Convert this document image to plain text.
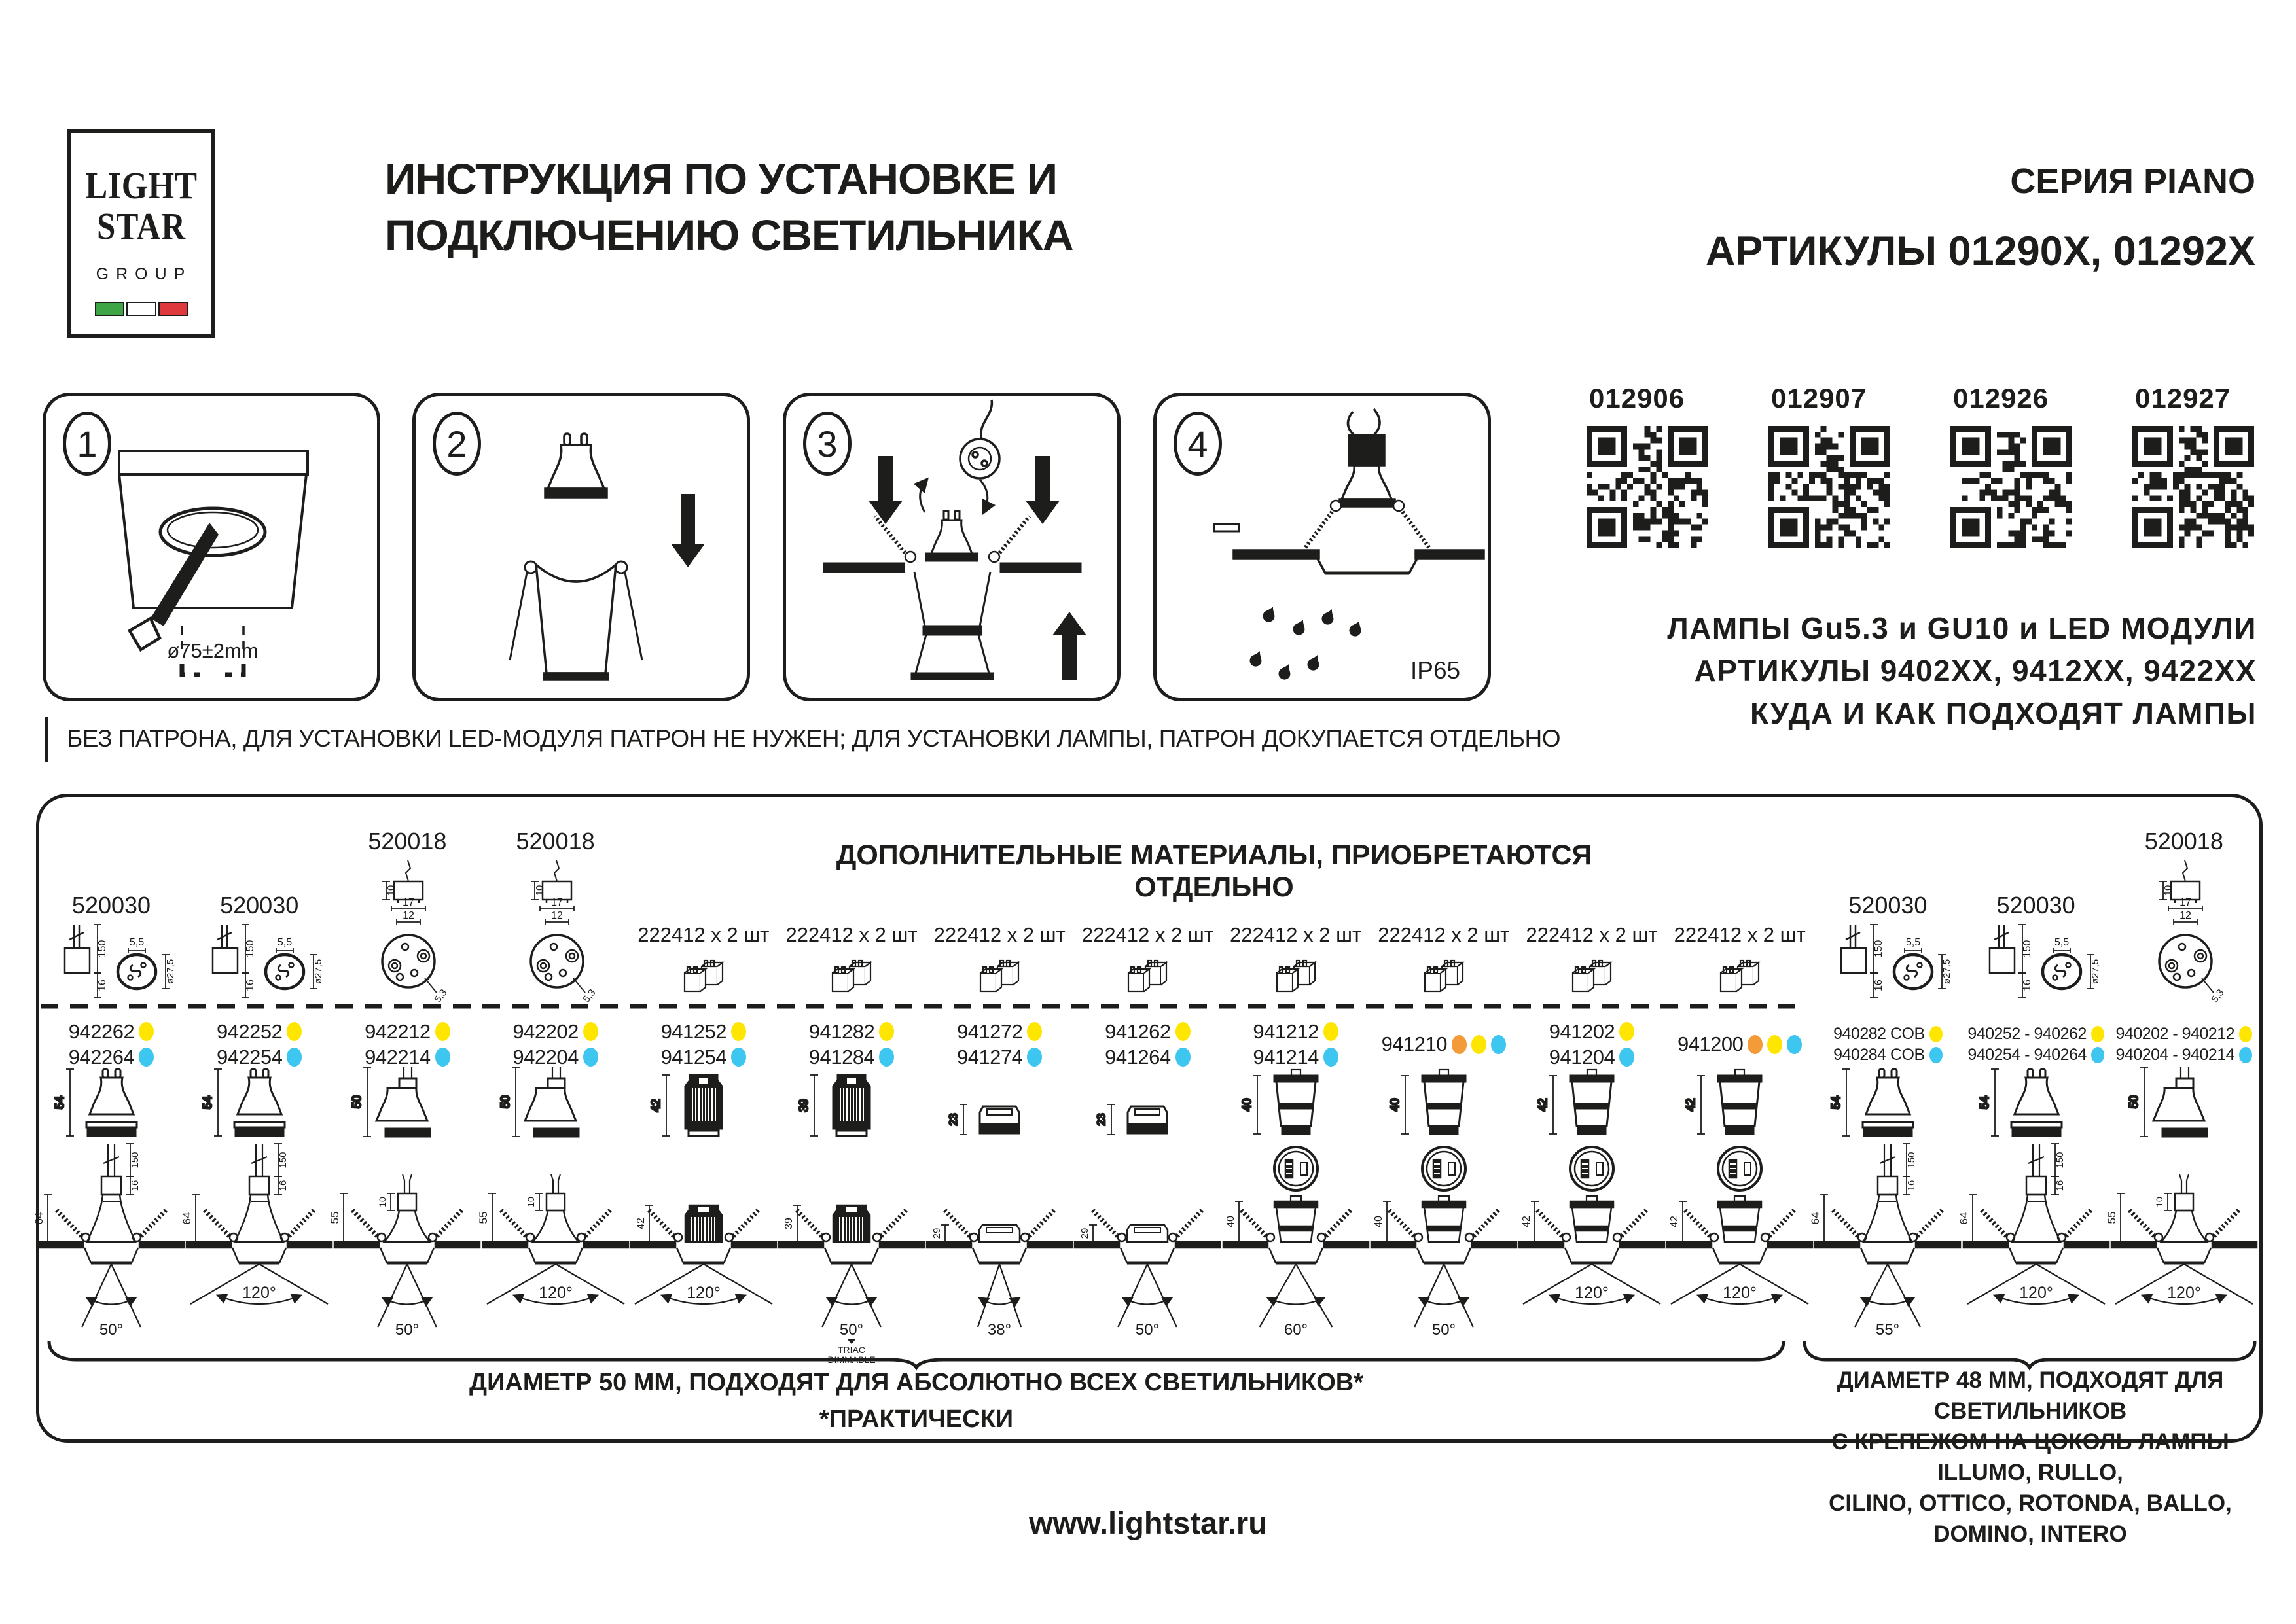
LIGHT
STAR
GROUP
ИНСТРУКЦИЯ ПО УСТАНОВКЕ И
ПОДКЛЮЧЕНИЮ СВЕТИЛЬНИКА
СЕРИЯ PIANO
АРТИКУЛЫ 01290X, 01292X
012906	012907	012926	012927
ЛАМПЫ Gu5.3 и GU10 и LED МОДУЛИ
АРТИКУЛЫ 9402XX, 9412XX, 9422XX
КУДА И КАК ПОДХОДЯТ ЛАМПЫ
ø75±2mm
1	2	3
IP65
4
БЕЗ ПАТРОНА, ДЛЯ УСТАНОВКИ LED-МОДУЛЯ ПАТРОН НЕ НУЖЕН; ДЛЯ УСТАНОВКИ ЛАМПЫ, ПАТРОН ДОКУПАЕТСЯ ОТДЕЛЬНО
ДОПОЛНИТЕЛЬНЫЕ МАТЕРИАЛЫ, ПРИОБРЕТАЮТСЯ ОТДЕЛЬНО
520030
150
16
5,5
ø27,5
942262
942264
54
50°
150
16
64
520030
150
16
5,5
ø27,5
942252
942254
54
120°
150
16
64
520018
10
17
12
5,3
942212
942214
50
50°
10
55
520018
10
17
12
5,3
942202
942204
50
120°
10
55
222412 x 2 шт
941252
941254
42
120°
42
222412 x 2 шт
941282
941284
39
50°
TRIAC
DIMMABLE
39
222412 x 2 шт
941272
941274
23
38°
29
222412 x 2 шт
941262
941264
23
50°
29
222412 x 2 шт
941212
941214
40
60°
40
222412 x 2 шт
941210
40
50°
40
222412 x 2 шт
941202
941204
42
120°
42
222412 x 2 шт
941200
42
120°
42
520030
150
16
5,5
ø27,5
940282 COB
940284 COB
54
55°
150
16
64
520030
150
16
5,5
ø27,5
940252 - 940262
940254 - 940264
54
120°
150
16
64
520018
10
17
12
5,3
940202 - 940212
940204 - 940214
50
120°
10
55
ДИАМЕТР 50 ММ, ПОДХОДЯТ ДЛЯ АБСОЛЮТНО ВСЕХ СВЕТИЛЬНИКОВ*
*ПРАКТИЧЕСКИ
ДИАМЕТР 48 ММ, ПОДХОДЯТ ДЛЯ СВЕТИЛЬНИКОВ
С КРЕПЕЖОМ НА ЦОКОЛЬ ЛАМПЫ ILLUMO, RULLO,
CILINO, OTTICO, ROTONDA, BALLO, DOMINO, INTERO
www.lightstar.ru
